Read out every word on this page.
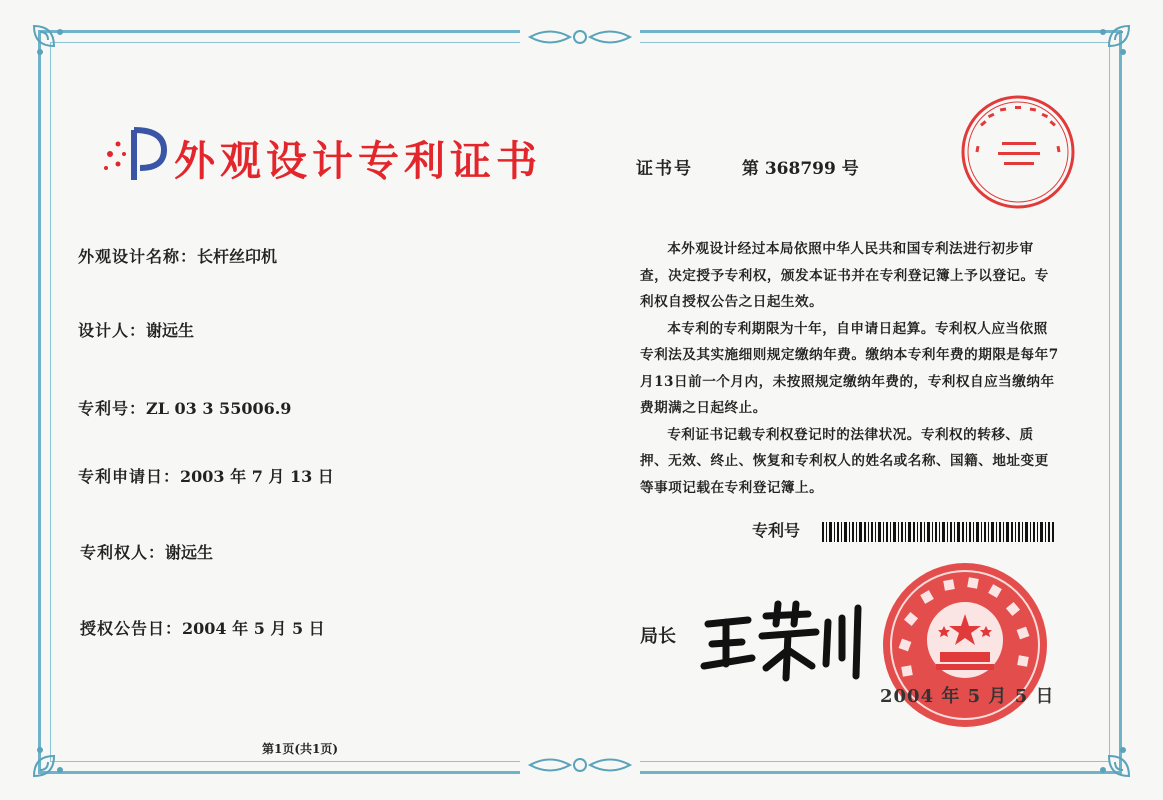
外观设计专利证书	证书号	第 368799 号
外观设计名称：长杆丝印机
设计人：谢远生
专利号：ZL 03 3 55006.9
专利申请日：2003 年 7 月 13 日
专利权人：谢远生
授权公告日：2004 年 5 月 5 日

本外观设计经过本局依照中华人民共和国专利法进行初步审查，决定授予专利权，颁发本证书并在专利登记簿上予以登记。专利权自授权公告之日起生效。

本专利的专利期限为十年，自申请日起算。专利权人应当依照专利法及其实施细则规定缴纳年费。缴纳本专利年费的期限是每年7月13日前一个月内，未按照规定缴纳年费的，专利权自应当缴纳年费期满之日起终止。

专利证书记载专利权登记时的法律状况。专利权的转移、质押、无效、终止、恢复和专利权人的姓名或名称、国籍、地址变更等事项记载在专利登记簿上。

专利号
局长
2004 年 5 月 5 日
第1页(共1页)
